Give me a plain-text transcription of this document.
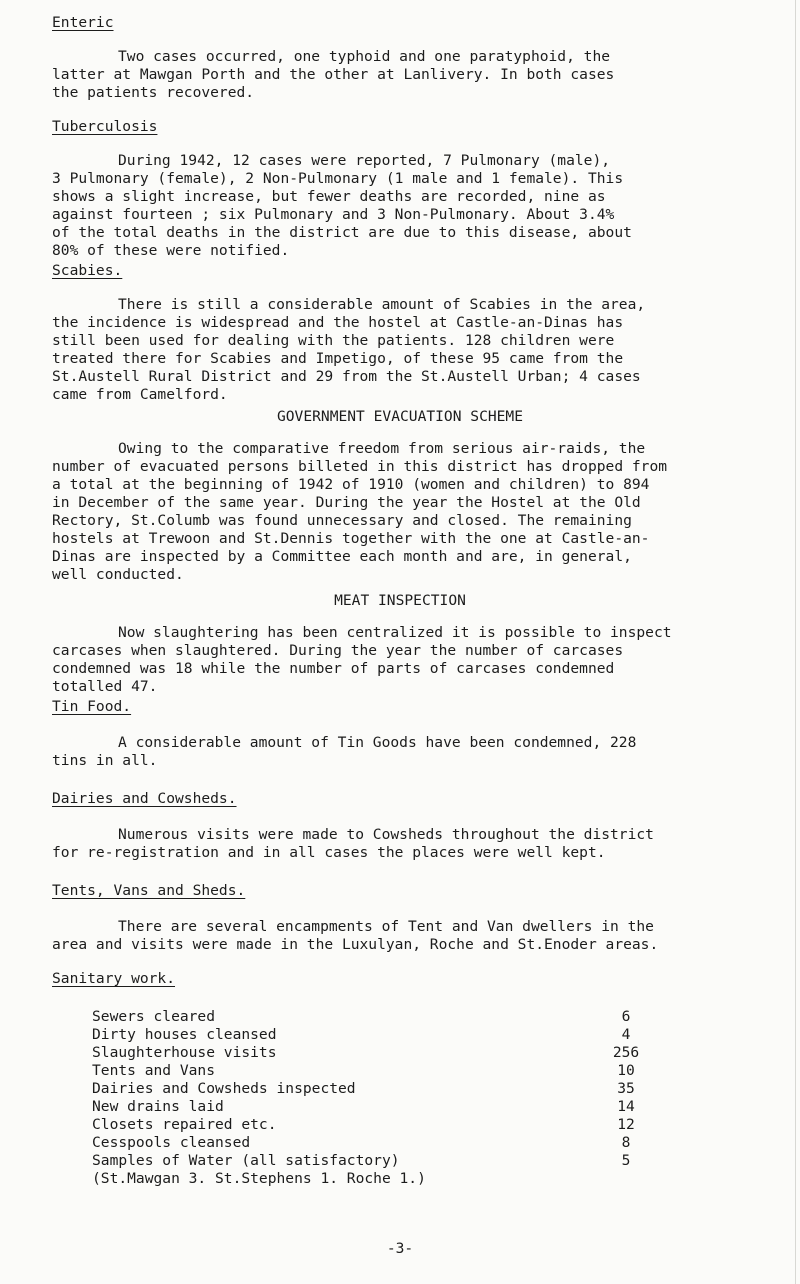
Enteric
Two cases occurred, one typhoid and one paratyphoid, the
latter at Mawgan Porth and the other at Lanlivery. In both cases
the patients recovered.
Tuberculosis
During 1942, 12 cases were reported, 7 Pulmonary (male),
3 Pulmonary (female), 2 Non-Pulmonary (1 male and 1 female). This
shows a slight increase, but fewer deaths are recorded, nine as
against fourteen ; six Pulmonary and 3 Non-Pulmonary. About 3.4%
of the total deaths in the district are due to this disease, about
80% of these were notified.
Scabies.
There is still a considerable amount of Scabies in the area,
the incidence is widespread and the hostel at Castle-an-Dinas has
still been used for dealing with the patients. 128 children were
treated there for Scabies and Impetigo, of these 95 came from the
St.Austell Rural District and 29 from the St.Austell Urban; 4 cases
came from Camelford.
GOVERNMENT EVACUATION SCHEME
Owing to the comparative freedom from serious air-raids, the
number of evacuated persons billeted in this district has dropped from
a total at the beginning of 1942 of 1910 (women and children) to 894
in December of the same year. During the year the Hostel at the Old
Rectory, St.Columb was found unnecessary and closed. The remaining
hostels at Trewoon and St.Dennis together with the one at Castle-an-
Dinas are inspected by a Committee each month and are, in general,
well conducted.
MEAT INSPECTION
Now slaughtering has been centralized it is possible to inspect
carcases when slaughtered. During the year the number of carcases
condemned was 18 while the number of parts of carcases condemned
totalled 47.
Tin Food.
A considerable amount of Tin Goods have been condemned, 228
tins in all.
Dairies and Cowsheds.
Numerous visits were made to Cowsheds throughout the district
for re-registration and in all cases the places were well kept.
Tents, Vans and Sheds.
There are several encampments of Tent and Van dwellers in the
area and visits were made in the Luxulyan, Roche and St.Enoder areas.
Sanitary work.
Sewers cleared	6
Dirty houses cleansed	4
Slaughterhouse visits	256
Tents and Vans	10
Dairies and Cowsheds inspected	35
New drains laid	14
Closets repaired etc.	12
Cesspools cleansed	8
Samples of Water (all satisfactory)	5
(St.Mawgan 3. St.Stephens 1. Roche 1.)
-3-
